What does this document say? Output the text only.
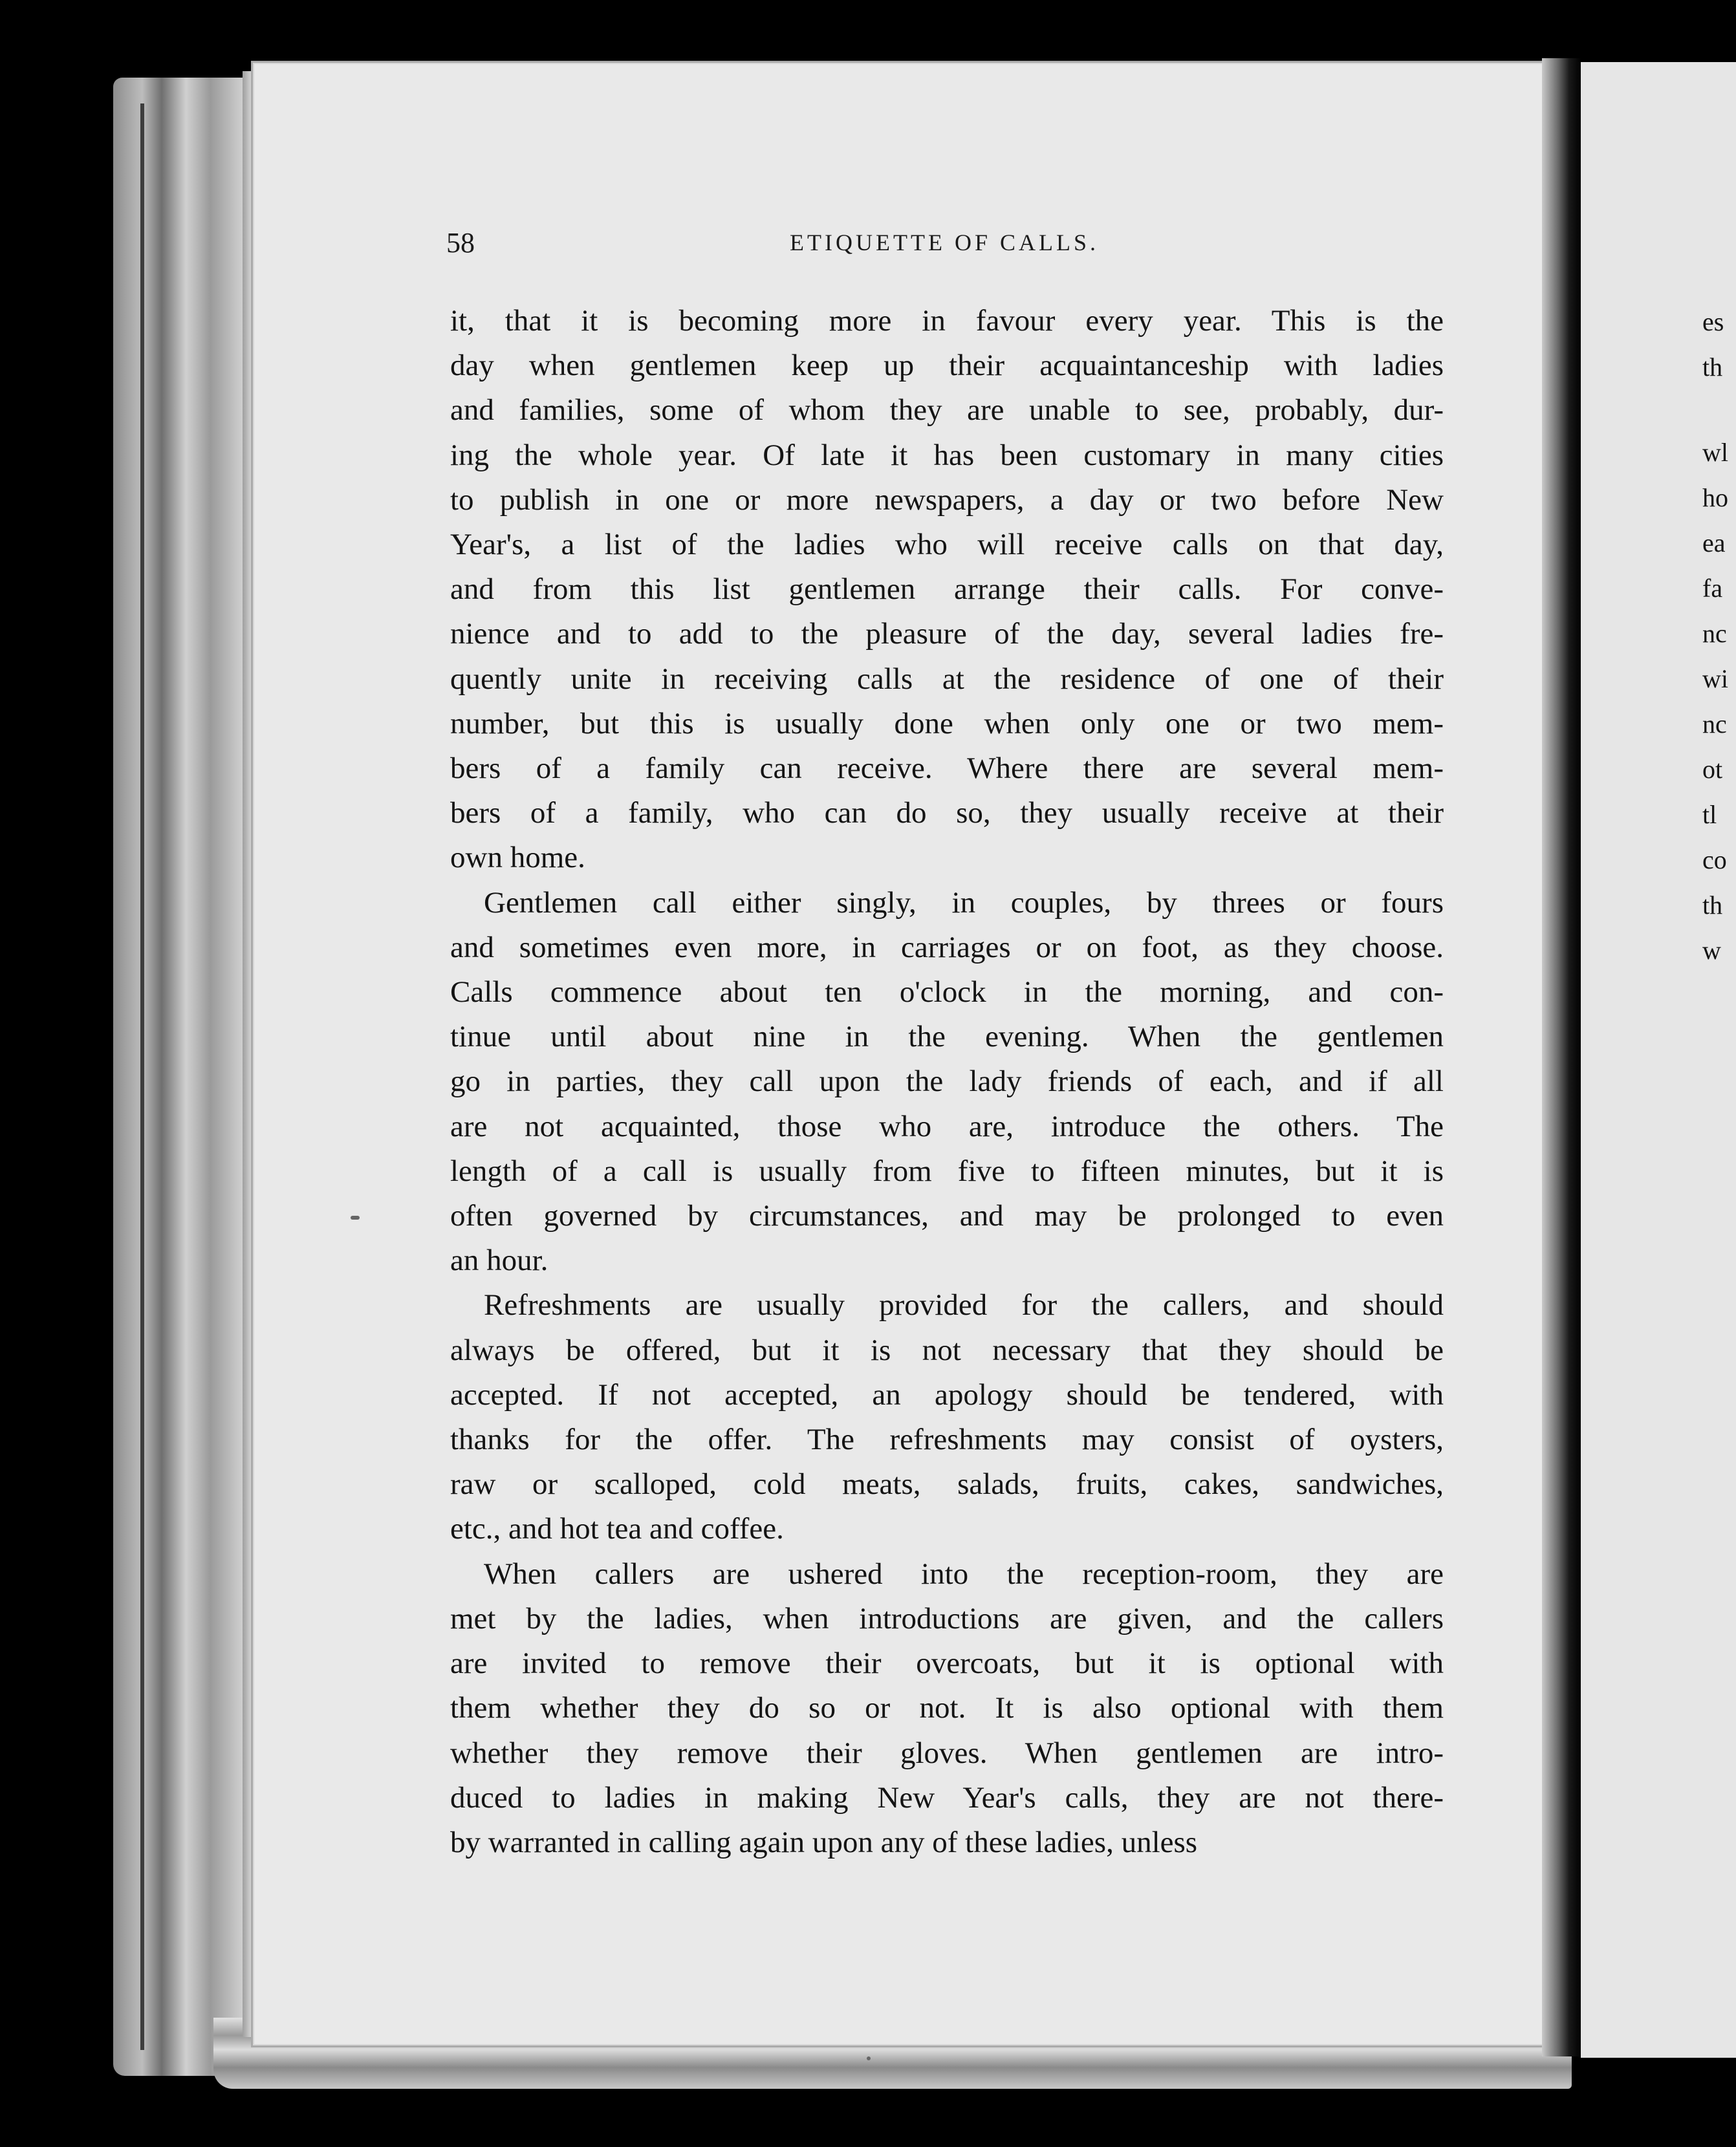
es
th
wl
ho
ea
fa
nc
wi
nc
ot
tl
co
th
w
58	ETIQUETTE OF CALLS.

it, that it is becoming more in favour every year. This is the
day when gentlemen keep up their acquaintanceship with ladies
and families, some of whom they are unable to see, probably, dur-
ing the whole year. Of late it has been customary in many cities
to publish in one or more newspapers, a day or two before New
Year's, a list of the ladies who will receive calls on that day,
and from this list gentlemen arrange their calls. For conve-
nience and to add to the pleasure of the day, several ladies fre-
quently unite in receiving calls at the residence of one of their
number, but this is usually done when only one or two mem-
bers of a family can receive. Where there are several mem-
bers of a family, who can do so, they usually receive at their
own home.

Gentlemen call either singly, in couples, by threes or fours
and sometimes even more, in carriages or on foot, as they choose.
Calls commence about ten o'clock in the morning, and con-
tinue until about nine in the evening. When the gentlemen
go in parties, they call upon the lady friends of each, and if all
are not acquainted, those who are, introduce the others. The
length of a call is usually from five to fifteen minutes, but it is
often governed by circumstances, and may be prolonged to even
an hour.

Refreshments are usually provided for the callers, and should
always be offered, but it is not necessary that they should be
accepted. If not accepted, an apology should be tendered, with
thanks for the offer. The refreshments may consist of oysters,
raw or scalloped, cold meats, salads, fruits, cakes, sandwiches,
etc., and hot tea and coffee.

When callers are ushered into the reception-room, they are
met by the ladies, when introductions are given, and the callers
are invited to remove their overcoats, but it is optional with
them whether they do so or not. It is also optional with them
whether they remove their gloves. When gentlemen are intro-
duced to ladies in making New Year's calls, they are not there-
by warranted in calling again upon any of these ladies, unless
